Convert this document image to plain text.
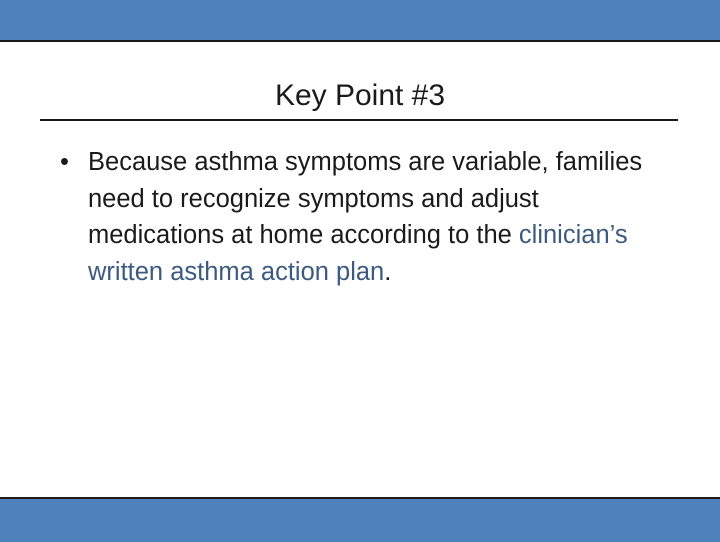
Key Point #3
• Because asthma symptoms are variable, families need to recognize symptoms and adjust medications at home according to the clinician’s written asthma action plan.
